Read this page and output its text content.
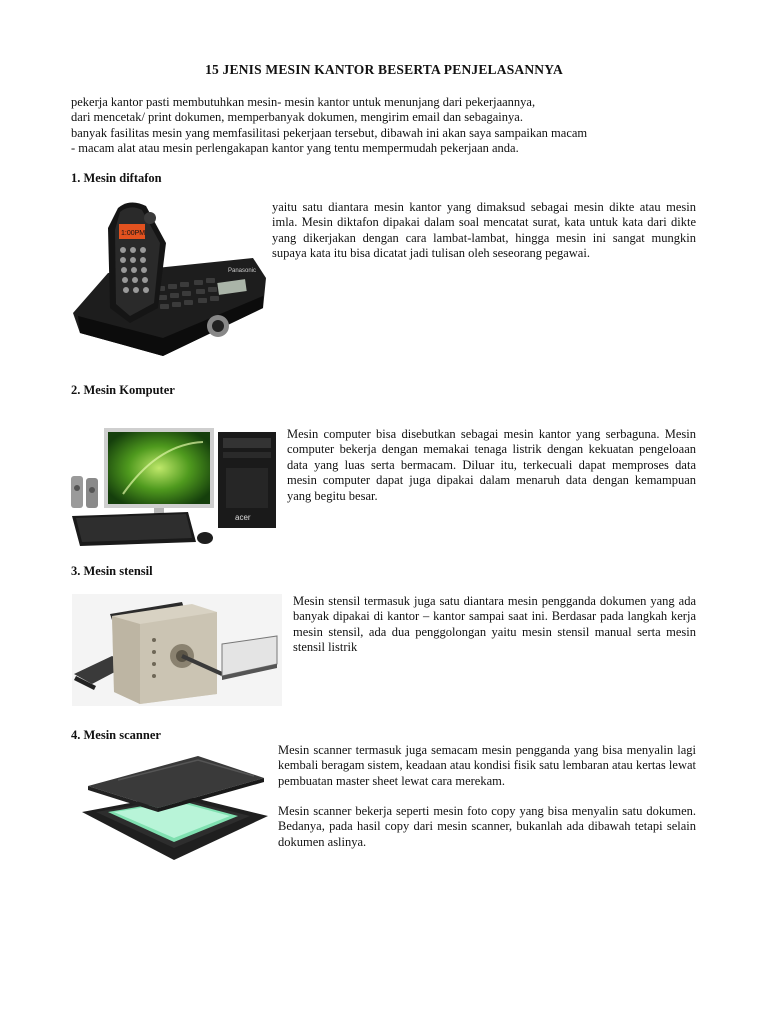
15 JENIS MESIN KANTOR BESERTA PENJELASANNYA
pekerja kantor pasti membutuhkan mesin- mesin kantor untuk menunjang dari pekerjaannya,
dari mencetak/ print dokumen, memperbanyak dokumen, mengirim email dan sebagainya.
banyak fasilitas mesin yang memfasilitasi pekerjaan tersebut, dibawah ini akan saya sampaikan macam
- macam alat atau mesin perlengakapan kantor yang tentu mempermudah pekerjaan anda.
1. Mesin diftafon
Panasonic
1:00PM
yaitu satu diantara mesin kantor yang dimaksud sebagai mesin dikte atau mesin imla. Mesin diktafon dipakai dalam soal mencatat surat, kata untuk kata dari dikte yang dikerjakan dengan cara lambat-lambat, hingga mesin ini sangat mungkin supaya kata itu bisa dicatat jadi tulisan oleh seseorang pegawai.
2. Mesin Komputer
acer
Mesin computer bisa disebutkan sebagai mesin kantor yang serbaguna. Mesin computer bekerja dengan memakai tenaga listrik dengan kekuatan pengeloaan data yang luas serta bermacam. Diluar itu, terkecuali dapat memproses data mesin computer dapat juga dipakai dalam menaruh data dengan kemampuan yang begitu besar.
3. Mesin stensil
Mesin stensil termasuk juga satu diantara mesin pengganda dokumen yang ada banyak dipakai di kantor – kantor sampai saat ini. Berdasar pada langkah kerja mesin stensil, ada dua penggolongan yaitu mesin stensil manual serta mesin stensil listrik
4. Mesin scanner
Mesin scanner termasuk juga semacam mesin pengganda yang bisa menyalin lagi kembali beragam sistem, keadaan atau kondisi fisik satu lembaran atau kertas lewat pembuatan master sheet lewat cara merekam.
Mesin scanner bekerja seperti mesin foto copy yang bisa menyalin satu dokumen. Bedanya, pada hasil copy dari mesin scanner, bukanlah ada dibawah tetapi selain dokumen aslinya.
